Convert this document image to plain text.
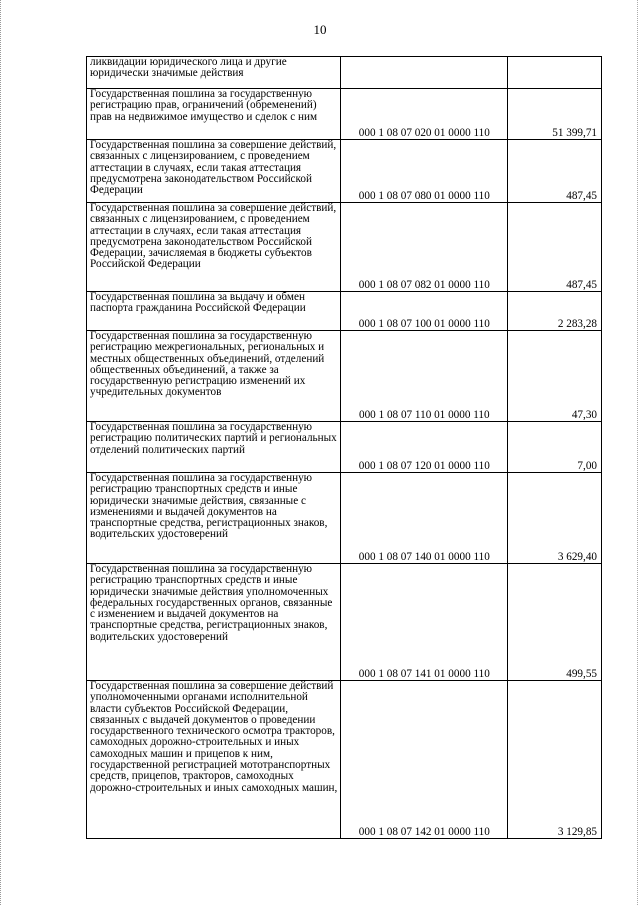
10
ликвидации юридического лица и другие юридически значимые действия		
Государственная пошлина за государственную регистрацию прав, ограничений (обременений) прав на недвижимое имущество и сделок с ним	000 1 08 07 020 01 0000 110	51 399,71
Государственная пошлина за совершение действий, связанных с лицензированием, с проведением аттестации в случаях, если такая аттестация предусмотрена законодательством Российской Федерации	000 1 08 07 080 01 0000 110	487,45
Государственная пошлина за совершение действий, связанных с лицензированием, с проведением аттестации в случаях, если такая аттестация предусмотрена законодательством Российской Федерации, зачисляемая в бюджеты субъектов Российской Федерации	000 1 08 07 082 01 0000 110	487,45
Государственная пошлина за выдачу и обмен паспорта гражданина Российской Федерации	000 1 08 07 100 01 0000 110	2 283,28
Государственная пошлина за государственную регистрацию межрегиональных, региональных и местных общественных объединений, отделений общественных объединений, а также за государственную регистрацию изменений их учредительных документов	000 1 08 07 110 01 0000 110	47,30
Государственная пошлина за государственную регистрацию политических партий и региональных отделений политических партий	000 1 08 07 120 01 0000 110	7,00
Государственная пошлина за государственную регистрацию транспортных средств и иные юридически значимые действия, связанные с изменениями и выдачей документов на транспортные средства, регистрационных знаков, водительских удостоверений	000 1 08 07 140 01 0000 110	3 629,40
Государственная пошлина за государственную регистрацию транспортных средств и иные юридически значимые действия уполномоченных федеральных государственных органов, связанные с изменением и выдачей документов на транспортные средства, регистрационных знаков, водительских удостоверений	000 1 08 07 141 01 0000 110	499,55
Государственная пошлина за совершение действий уполномоченными органами исполнительной власти субъектов Российской Федерации, связанных с выдачей документов о проведении государственного технического осмотра тракторов, самоходных дорожно-строительных и иных самоходных машин и прицепов к ним, государственной регистрацией мототранспортных средств, прицепов, тракторов, самоходных дорожно-строительных и иных самоходных машин,	000 1 08 07 142 01 0000 110	3 129,85
